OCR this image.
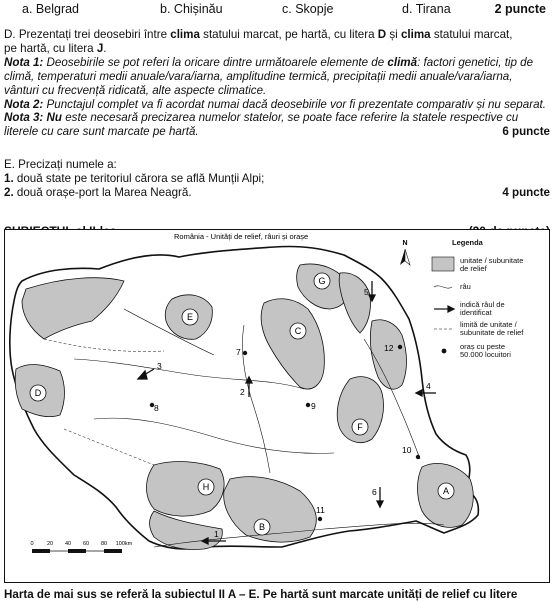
a. Belgrad	b. Chișinău	c. Skopje	d. Tirana	2 puncte

D. Prezentați trei deosebiri între clima statului marcat, pe hartă, cu litera D și clima statului marcat,
pe hartă, cu litera J.

Nota 1: Deosebirile se pot referi la oricare dintre următoarele elemente de climă: factori genetici, tip de climă, temperaturi medii anuale/vara/iarna, amplitudine termică, precipitații medii anuale/vara/iarna, vânturi cu frecvență ridicată, alte aspecte climatice.

Nota 2: Punctajul complet va fi acordat numai dacă deosebirile vor fi prezentate comparativ și nu separat.

Nota 3: Nu este necesară precizarea numelor statelor, se poate face referire la statele respective cu literele cu care sunt marcate pe hartă.	6 puncte

E. Precizați numele a:

1. două state pe teritoriul cărora se află Munții Alpi;

2. două orașe-port la Marea Neagră.	4 puncte
România - Unități de relief, râuri și orașe
A
B
C
D
E
F
G
H
1
2
3
4
5
6
7
8	9
10
11
12
N	Legenda
unitate / subunitate
de relief
râu
indică râul de
identificat
limită de unitate /
subunitate de relief
oraș cu peste
50.000 locuitori
0 20 40 60 80 100km
Harta de mai sus se referă la subiectul II A – E. Pe hartă sunt marcate unități de relief cu litere
